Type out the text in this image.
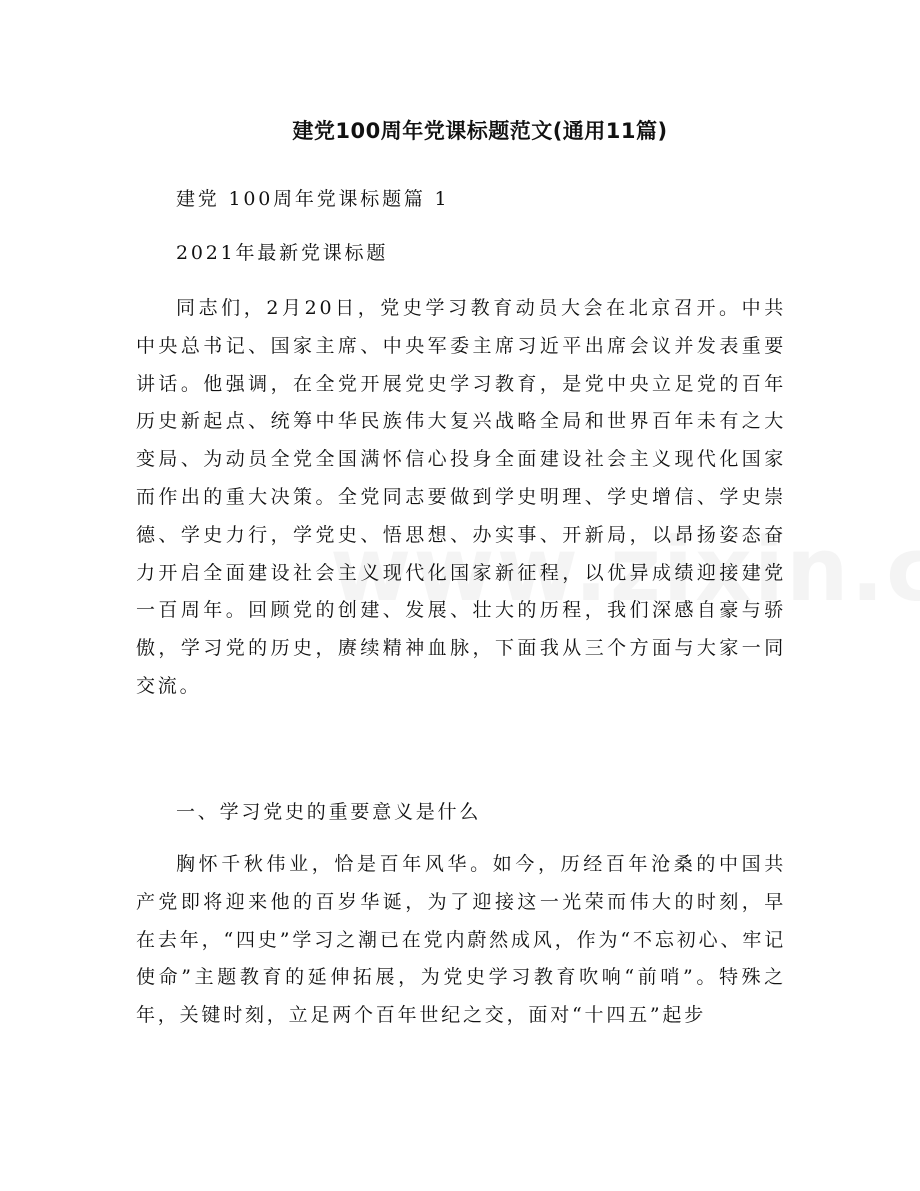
建党100周年党课标题范文(通用11篇)
建党 100周年党课标题篇 1
2021年最新党课标题
同志们，2月20日，党史学习教育动员大会在北京召开。中共中央总书记、国家主席、中央军委主席习近平出席会议并发表重要讲话。他强调，在全党开展党史学习教育，是党中央立足党的百年历史新起点、统筹中华民族伟大复兴战略全局和世界百年未有之大变局、为动员全党全国满怀信心投身全面建设社会主义现代化国家而作出的重大决策。全党同志要做到学史明理、学史增信、学史崇德、学史力行，学党史、悟思想、办实事、开新局，以昂扬姿态奋力开启全面建设社会主义现代化国家新征程，以优异成绩迎接建党一百周年。回顾党的创建、发展、壮大的历程，我们深感自豪与骄傲，学习党的历史，赓续精神血脉，下面我从三个方面与大家一同交流。
一、学习党史的重要意义是什么
胸怀千秋伟业，恰是百年风华。如今，历经百年沧桑的中国共产党即将迎来他的百岁华诞，为了迎接这一光荣而伟大的时刻，早在去年，“四史”学习之潮已在党内蔚然成风，作为“不忘初心、牢记使命”主题教育的延伸拓展，为党史学习教育吹响“前哨”。特殊之年，关键时刻，立足两个百年世纪之交，面对“十四五”起步
